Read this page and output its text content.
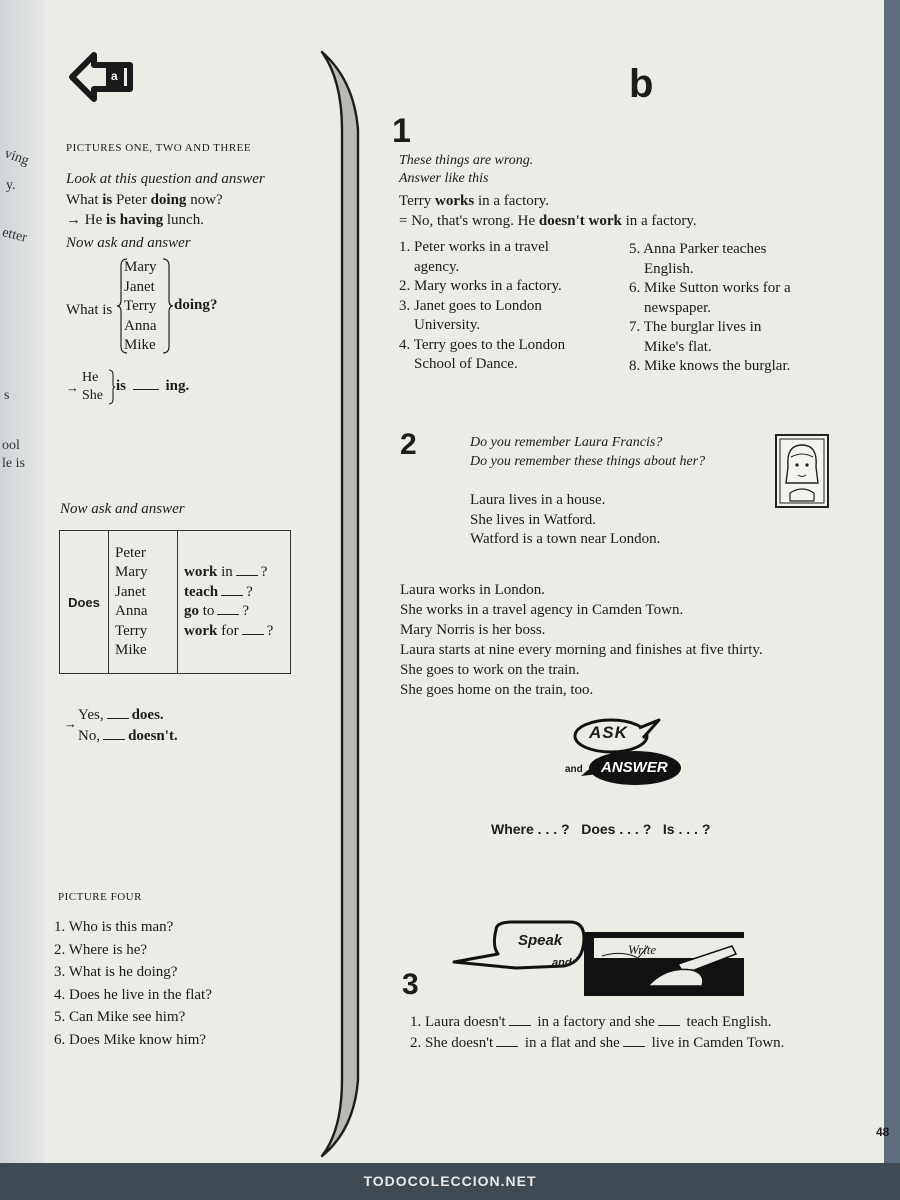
ving
y.
etter
s
ool
le is
a
PICTURES ONE, TWO AND THREE
Look at this question and answer
What is Peter doing now?
→ He is having lunch.
Now ask and answer
What is
Mary
Janet
Terry
Anna
Mike
doing?
→
He
She
is	ing.
Now ask and answer
Does	
Peter
Mary
Janet
Anna
Terry
Mike

work in ?
teach ?
go to ?
work for ?
→
Yes, does.
No, doesn't.
PICTURE FOUR
1. Who is this man?
2. Where is he?
3. What is he doing?
4. Does he live in the flat?
5. Can Mike see him?
6. Does Mike know him?
b
1
These things are wrong.
Answer like this
Terry works in a factory.
= No, that's wrong. He doesn't work in a factory.
1. Peter works in a travel
agency.
2. Mary works in a factory.
3. Janet goes to London
University.
4. Terry goes to the London
School of Dance.
5. Anna Parker teaches
English.
6. Mike Sutton works for a
newspaper.
7. The burglar lives in
Mike's flat.
8. Mike knows the burglar.
2	Do you remember Laura Francis?
Do you remember these things about her?
Laura lives in a house.
She lives in Watford.
Watford is a town near London.
Laura works in London.
She works in a travel agency in Camden Town.
Mary Norris is her boss.
Laura starts at nine every morning and finishes at five thirty.
She goes to work on the train.
She goes home on the train, too.
ASK
and ANSWER
Where . . . ?   Does . . . ?   Is . . . ?
3
Speak
and
Write
1. Laura doesn't in a factory and she teach English.
2. She doesn't in a flat and she live in Camden Town.
48
TODOCOLECCION.NET
